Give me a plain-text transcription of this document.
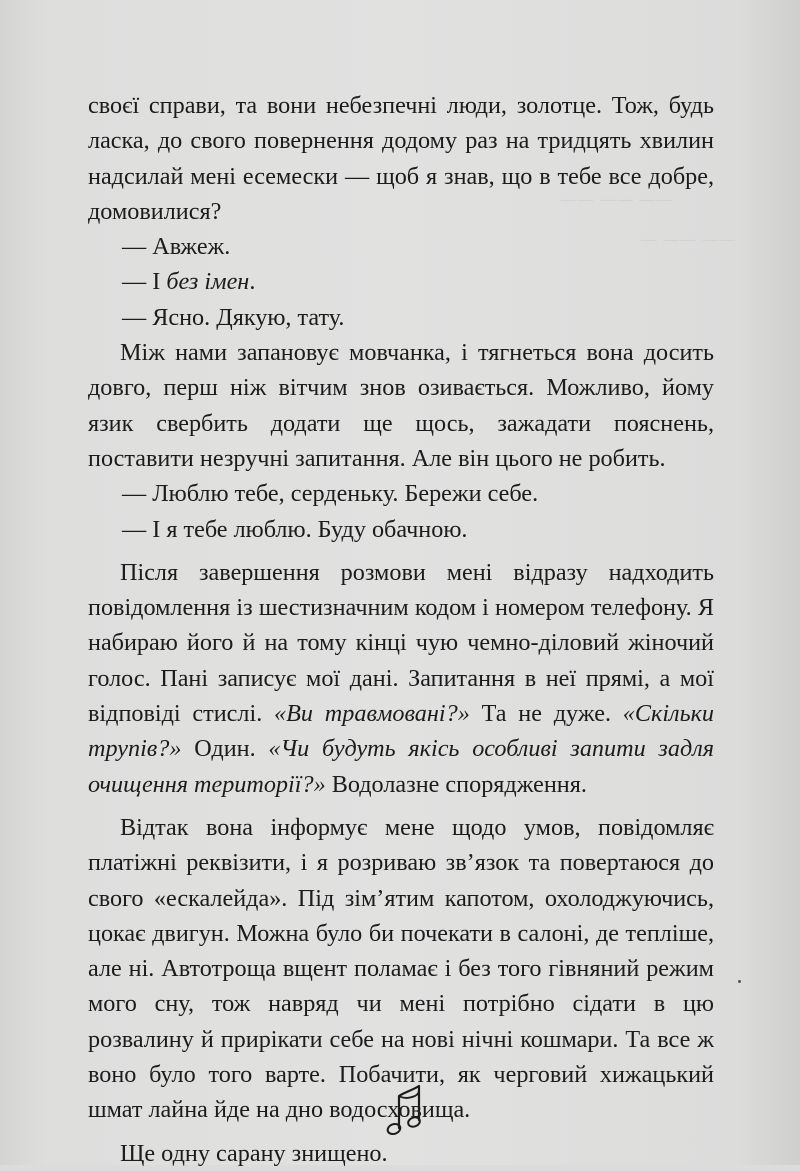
—— —— ——
— —— ——

своєї справи, та вони небезпечні люди, золотце. Тож, будь ласка, до свого повернення додому раз на тридцять хвилин надсилай мені есемески — щоб я знав, що в тебе все добре, домовилися?

— Авжеж.

— І без імен.

— Ясно. Дякую, тату.

Між нами запановує мовчанка, і тягнеться вона досить довго, перш ніж вітчим знов озивається. Можливо, йому язик свербить додати ще щось, зажадати пояснень, поставити незручні запитання. Але він цього не робить.

— Люблю тебе, серденьку. Бережи себе.

— І я тебе люблю. Буду обачною.

Після завершення розмови мені відразу надходить повідомлення із шестизначним кодом і номером телефону. Я набираю його й на тому кінці чую чемно-діловий жіночий голос. Пані записує мої дані. Запитання в неї прямі, а мої відповіді стислі. «Ви травмовані?» Та не дуже. «Скільки трупів?» Один. «Чи будуть якісь особливі запити задля очищення території?» Водолазне спорядження.

Відтак вона інформує мене щодо умов, повідомляє платіжні реквізити, і я розриваю зв’язок та повертаюся до свого «ескалейда». Під зім’ятим капотом, охолоджуючись, цокає двигун. Можна було би почекати в салоні, де тепліше, але ні. Автотроща вщент поламає і без того гівняний режим мого сну, тож навряд чи мені потрібно сідати в цю розвалину й прирікати себе на нові нічні кошмари. Та все ж воно було того варте. Побачити, як черговий хижацький шмат лайна йде на дно водосховища.

Ще одну сарану знищено.
